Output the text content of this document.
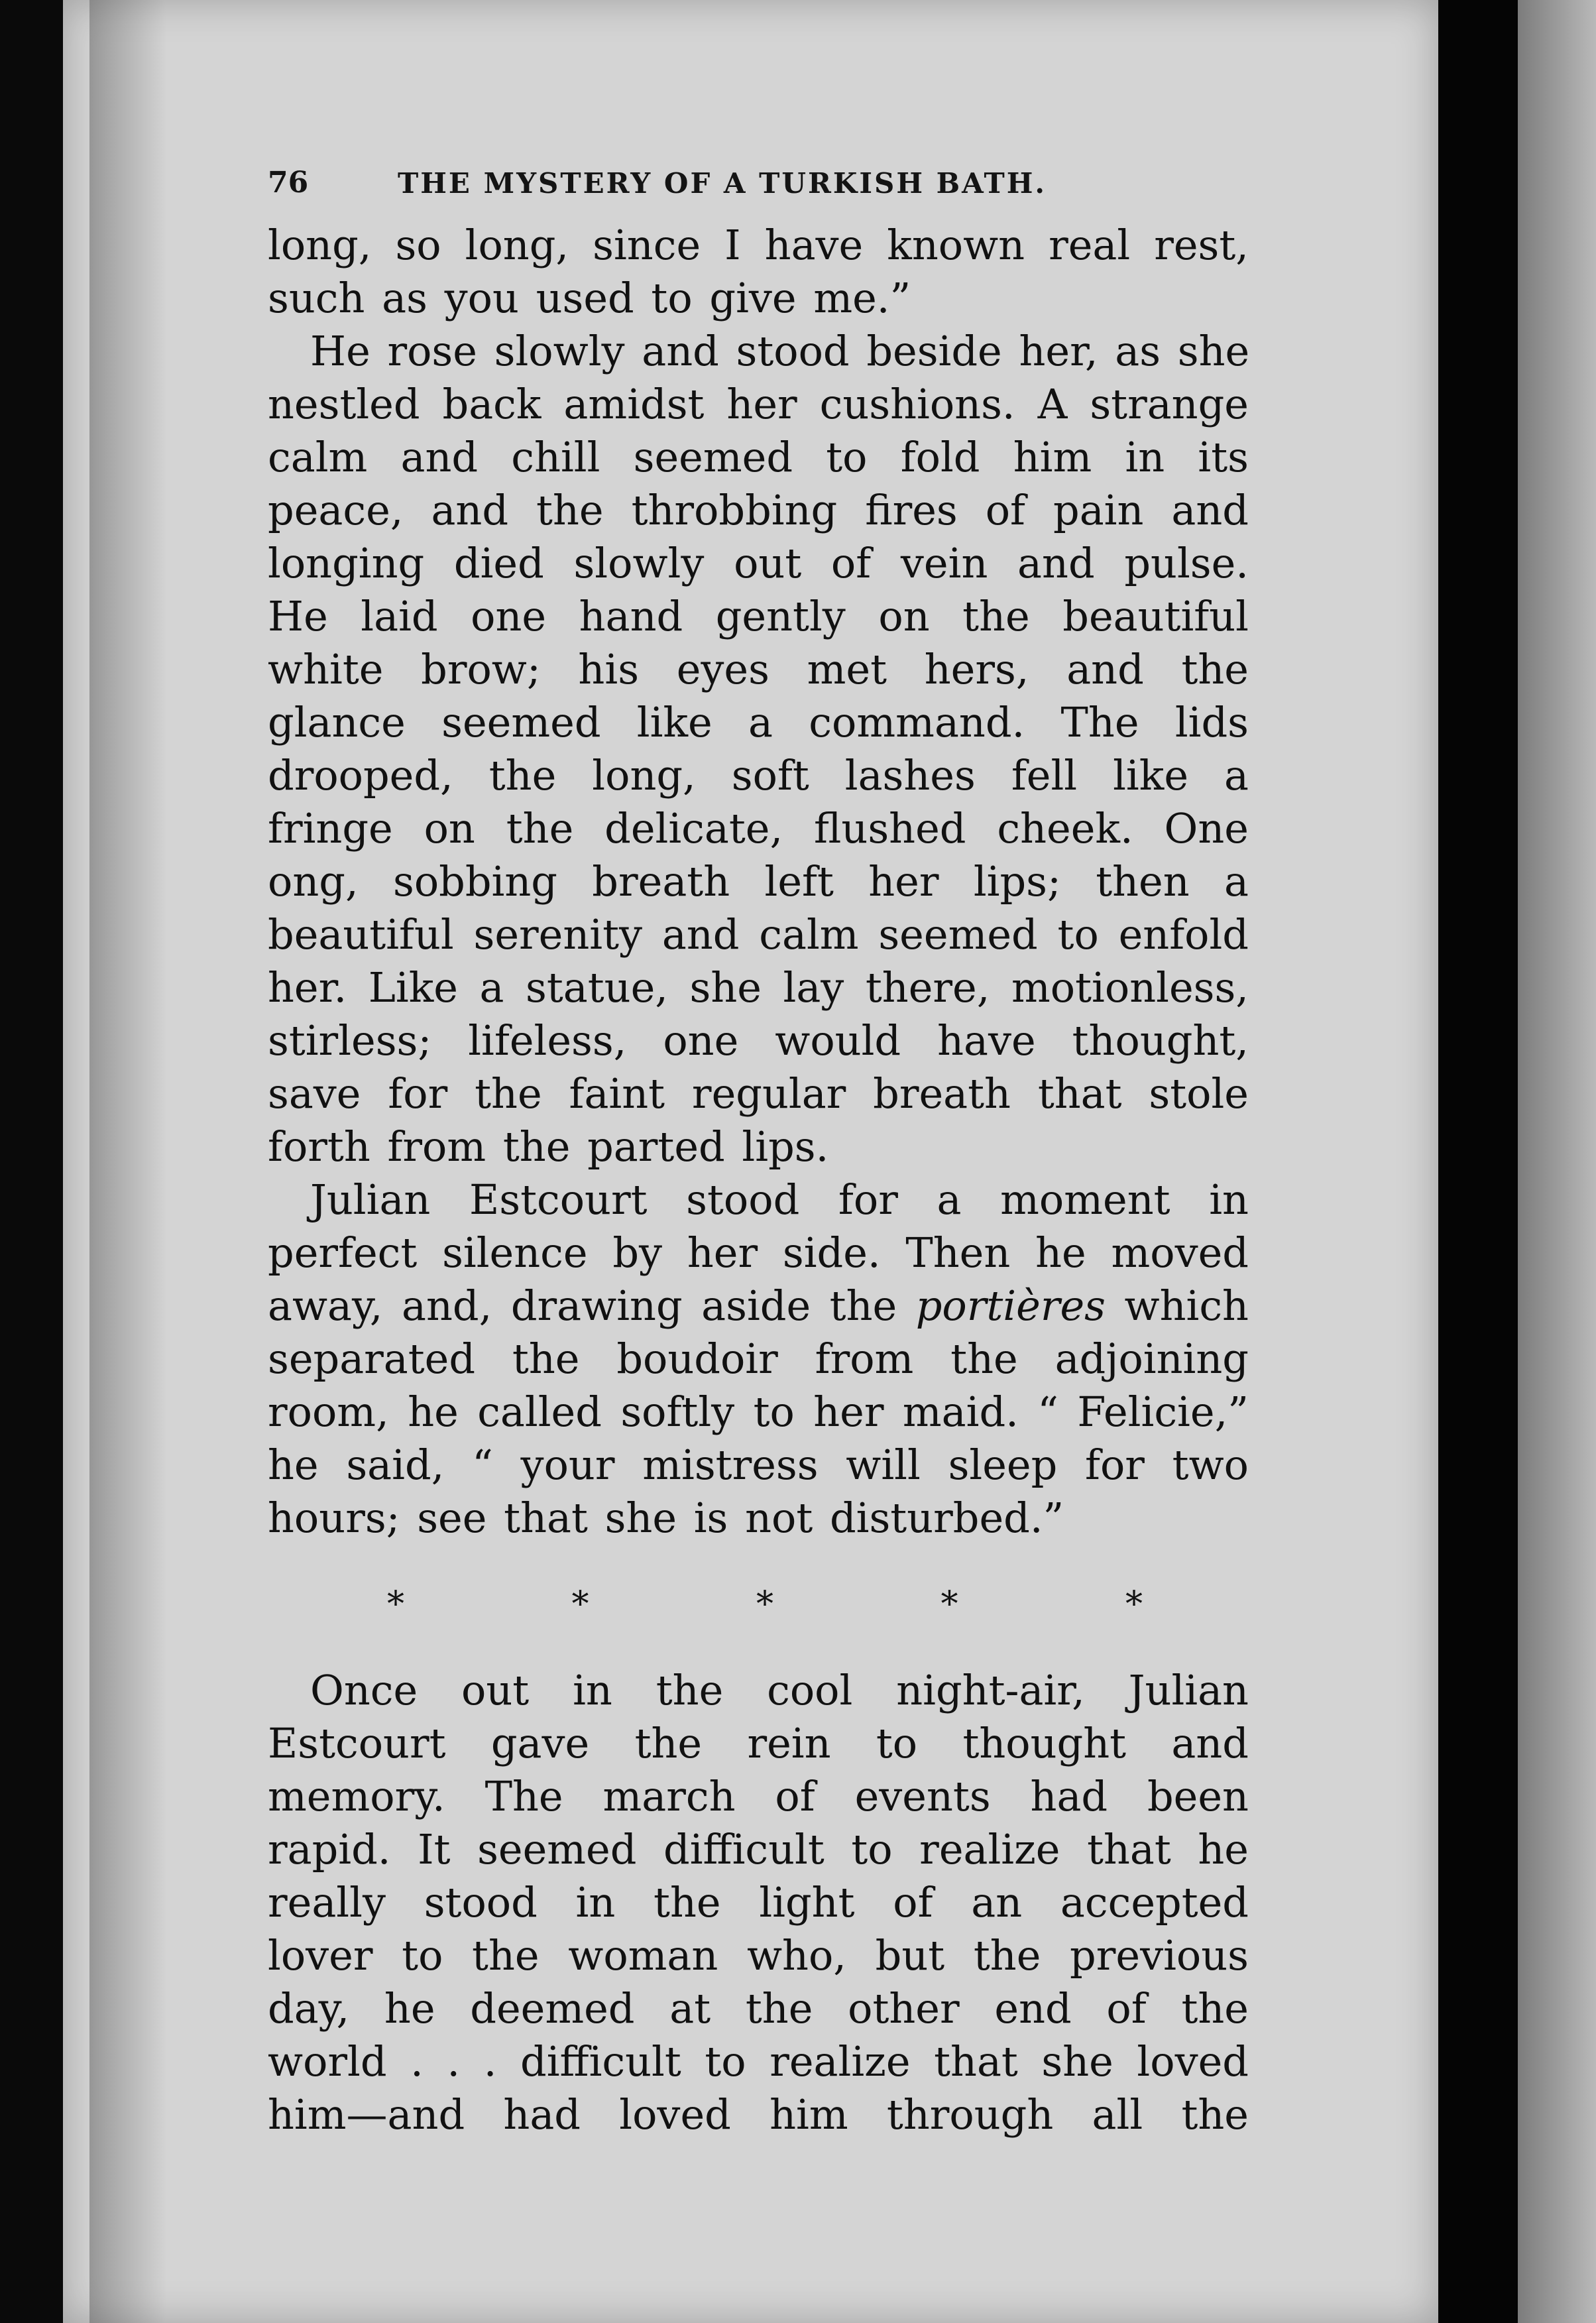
76	THE MYSTERY OF A TURKISH BATH.
long, so long, since I have known real rest,
such as you used to give me.”
He rose slowly and stood beside her, as she
nestled back amidst her cushions. A strange
calm and chill seemed to fold him in its
peace, and the throbbing fires of pain and
longing died slowly out of vein and pulse.
He laid one hand gently on the beautiful
white brow; his eyes met hers, and the
glance seemed like a command. The lids
drooped, the long, soft lashes fell like a
fringe on the delicate, flushed cheek. One
ong, sobbing breath left her lips; then a
beautiful serenity and calm seemed to enfold
her. Like a statue, she lay there, motionless,
stirless; lifeless, one would have thought,
save for the faint regular breath that stole
forth from the parted lips.
Julian Estcourt stood for a moment in
perfect silence by her side. Then he moved
away, and, drawing aside the portières which
separated the boudoir from the adjoining
room, he called softly to her maid. “ Felicie,”
he said, “ your mistress will sleep for two
hours; see that she is not disturbed.”
*	*	*	*	*
Once out in the cool night-air, Julian
Estcourt gave the rein to thought and
memory. The march of events had been
rapid. It seemed difficult to realize that he
really stood in the light of an accepted
lover to the woman who, but the previous
day, he deemed at the other end of the
world . . . difficult to realize that she loved
him—and had loved him through all the
